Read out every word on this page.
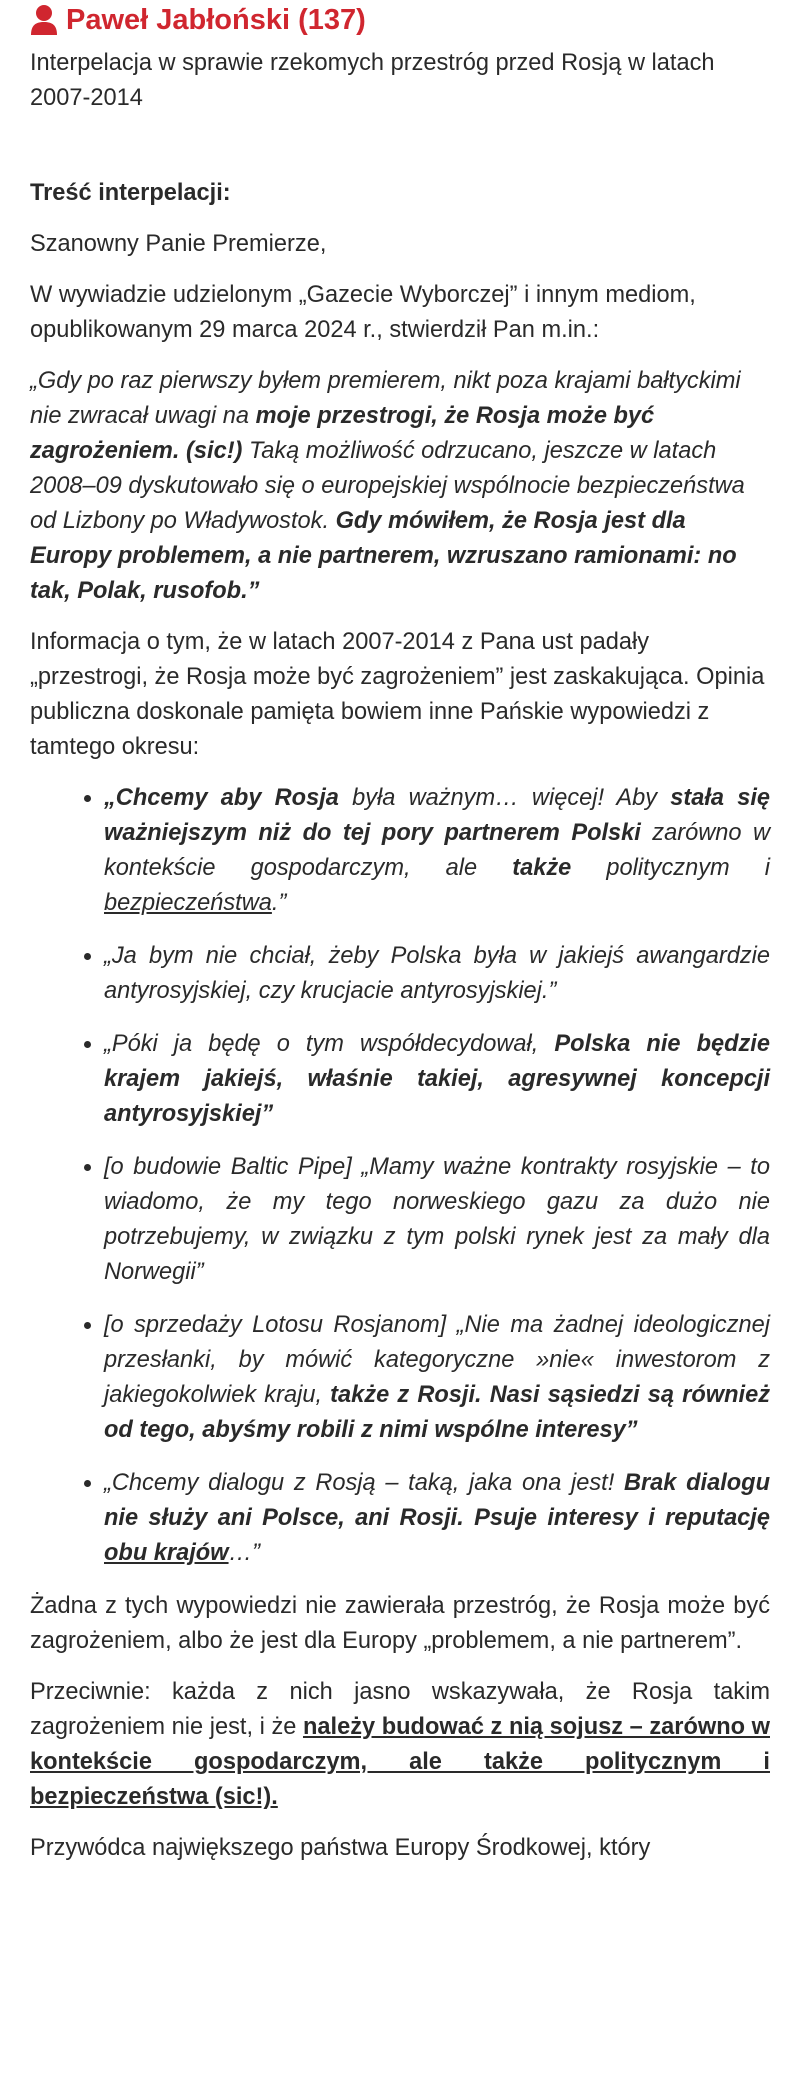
Paweł Jabłoński (137)
Interpelacja w sprawie rzekomych przestróg przed Rosją w latach 2007-2014

Treść interpelacji:

Szanowny Panie Premierze,

W wywiadzie udzielonym „Gazecie Wyborczej” i innym mediom, opublikowanym 29 marca 2024 r., stwierdził Pan m.in.:

„Gdy po raz pierwszy byłem premierem, nikt poza krajami bałtyckimi nie zwracał uwagi na moje przestrogi, że Rosja może być zagrożeniem. (sic!) Taką możliwość odrzucano, jeszcze w latach 2008–09 dyskutowało się o europejskiej wspólnocie bezpieczeństwa od Lizbony po Władywostok. Gdy mówiłem, że Rosja jest dla Europy problemem, a nie partnerem, wzruszano ramionami: no tak, Polak, rusofob.”

Informacja o tym, że w latach 2007-2014 z Pana ust padały „przestrogi, że Rosja może być zagrożeniem” jest zaskakująca. Opinia publiczna doskonale pamięta bowiem inne Pańskie wypowiedzi z tamtego okresu:

• „Chcemy aby Rosja była ważnym… więcej! Aby stała się ważniejszym niż do tej pory partnerem Polski zarówno w kontekście gospodarczym, ale także politycznym i bezpieczeństwa.”
• „Ja bym nie chciał, żeby Polska była w jakiejś awangardzie antyrosyjskiej, czy krucjacie antyrosyjskiej.”
• „Póki ja będę o tym współdecydował, Polska nie będzie krajem jakiejś, właśnie takiej, agresywnej koncepcji antyrosyjskiej”
• [o budowie Baltic Pipe] „Mamy ważne kontrakty rosyjskie – to wiadomo, że my tego norweskiego gazu za dużo nie potrzebujemy, w związku z tym polski rynek jest za mały dla Norwegii”
• [o sprzedaży Lotosu Rosjanom] „Nie ma żadnej ideologicznej przesłanki, by mówić kategoryczne »nie« inwestorom z jakiegokolwiek kraju, także z Rosji. Nasi sąsiedzi są również od tego, abyśmy robili z nimi wspólne interesy”
• „Chcemy dialogu z Rosją – taką, jaka ona jest! Brak dialogu nie służy ani Polsce, ani Rosji. Psuje interesy i reputację obu krajów…”

Żadna z tych wypowiedzi nie zawierała przestróg, że Rosja może być zagrożeniem, albo że jest dla Europy „problemem, a nie partnerem”.

Przeciwnie: każda z nich jasno wskazywała, że Rosja takim zagrożeniem nie jest, i że należy budować z nią sojusz – zarówno w kontekście gospodarczym, ale także politycznym i bezpieczeństwa (sic!).

Przywódca największego państwa Europy Środkowej, który
